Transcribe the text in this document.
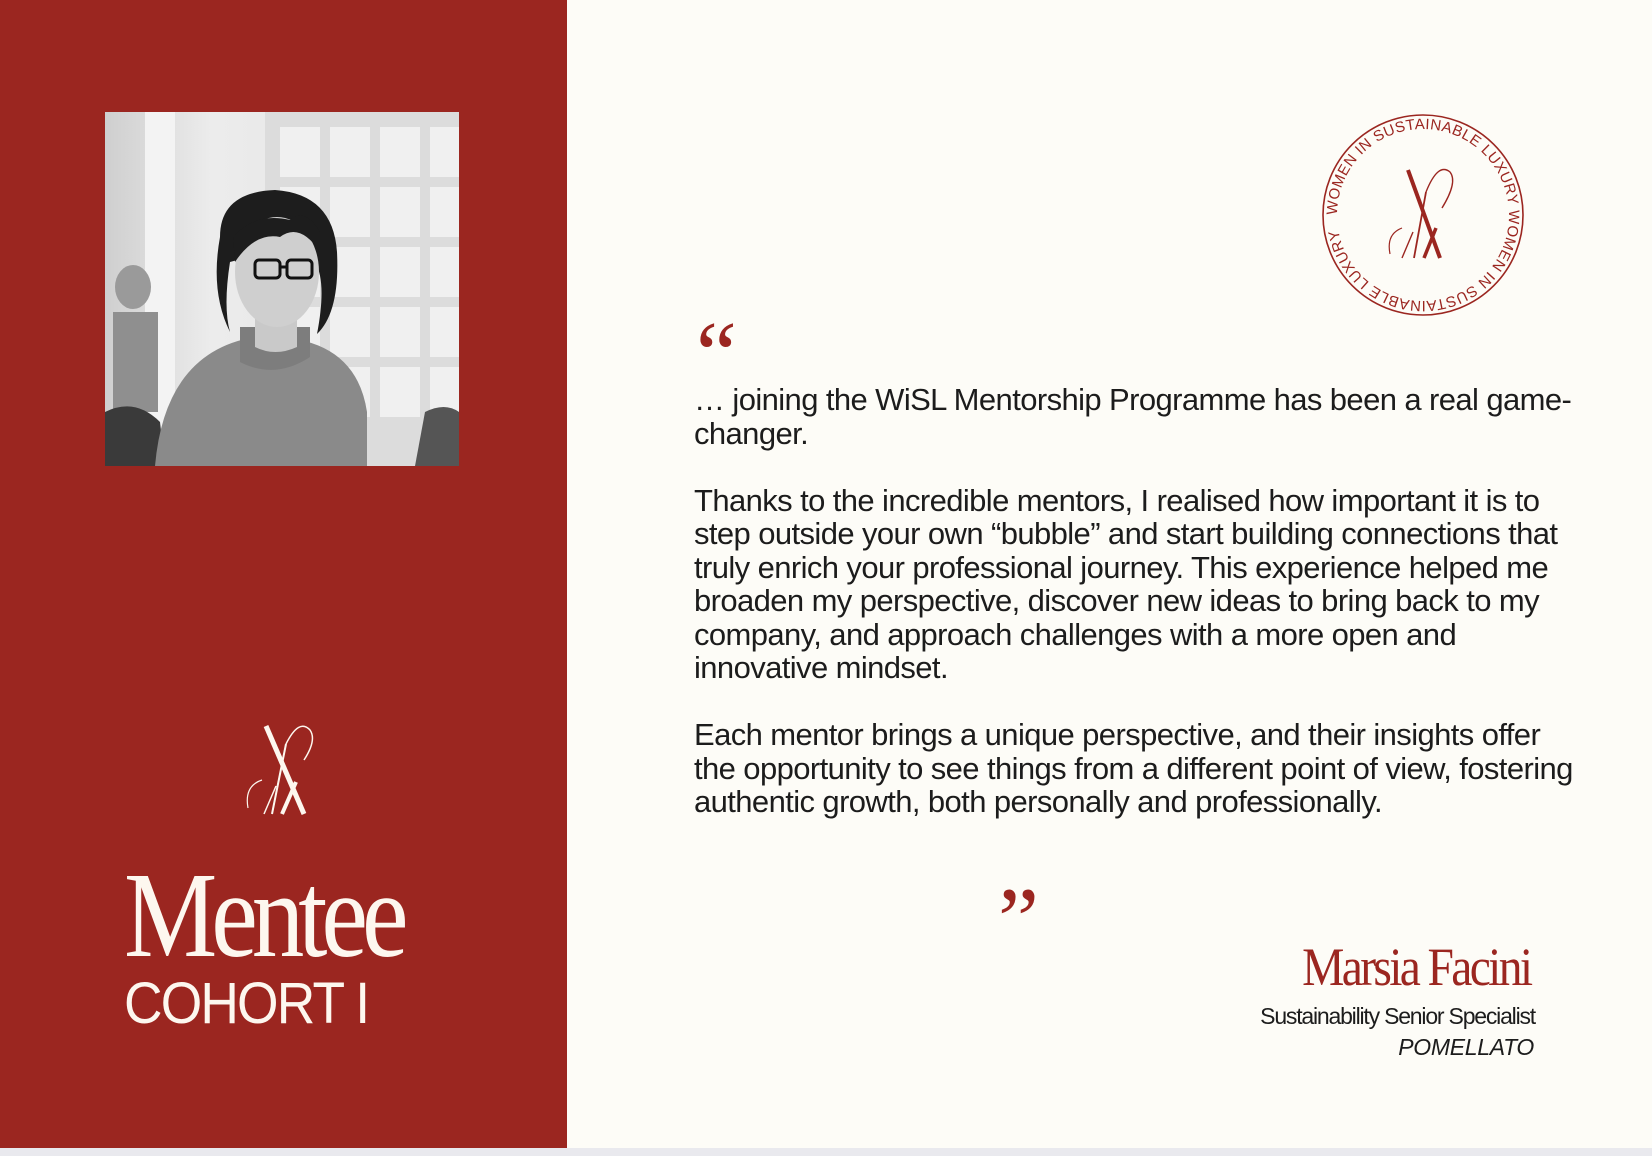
Mentee
COHORT I
WOMEN IN SUSTAINABLE LUXURY WOMEN IN SUSTAINABLE LUXURY
“

… joining the WiSL Mentorship Programme has been a real game-changer.

Thanks to the incredible mentors, I realised how important it is to step outside your own “bubble” and start building connections that truly enrich your professional journey. This experience helped me broaden my perspective, discover new ideas to bring back to my company, and approach challenges with a more open and innovative mindset.

Each mentor brings a unique perspective, and their insights offer the opportunity to see things from a different point of view, fostering authentic growth, both personally and professionally.

”	Marsia Facini
Sustainability Senior Specialist
POMELLATO
